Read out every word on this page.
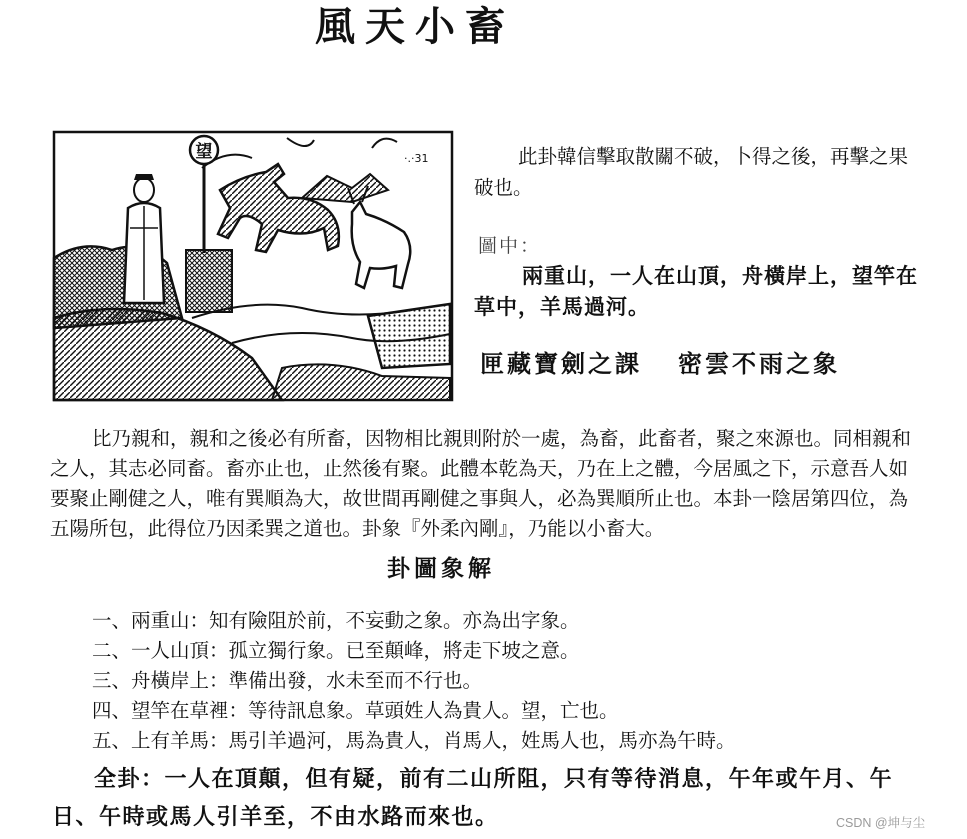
風天小畜
·.·31
望	此卦韓信擊取散關不破，卜得之後，再擊之果破也。
圖中：
兩重山，一人在山頂，舟橫岸上，望竿在草中，羊馬過河。
匣藏寶劍之課 密雲不雨之象
比乃親和，親和之後必有所畜，因物相比親則附於一處，為畜，此畜者，聚之來源也。同相親和之人，其志必同畜。畜亦止也，止然後有聚。此體本乾為天，乃在上之體，今居風之下，示意吾人如要聚止剛健之人，唯有巽順為大，故世間再剛健之事與人，必為巽順所止也。本卦一陰居第四位，為五陽所包，此得位乃因柔巽之道也。卦象『外柔內剛』，乃能以小畜大。
卦圖象解
一、兩重山：知有險阻於前，不妄動之象。亦為出字象。
二、一人山頂：孤立獨行象。已至顛峰，將走下坡之意。
三、舟橫岸上：準備出發，水未至而不行也。
四、望竿在草裡：等待訊息象。草頭姓人為貴人。望，亡也。
五、上有羊馬：馬引羊過河，馬為貴人，肖馬人，姓馬人也，馬亦為午時。
全卦：一人在頂顛，但有疑，前有二山所阻，只有等待消息，午年或午月、午日、午時或馬人引羊至，不由水路而來也。	CSDN @坤与尘
